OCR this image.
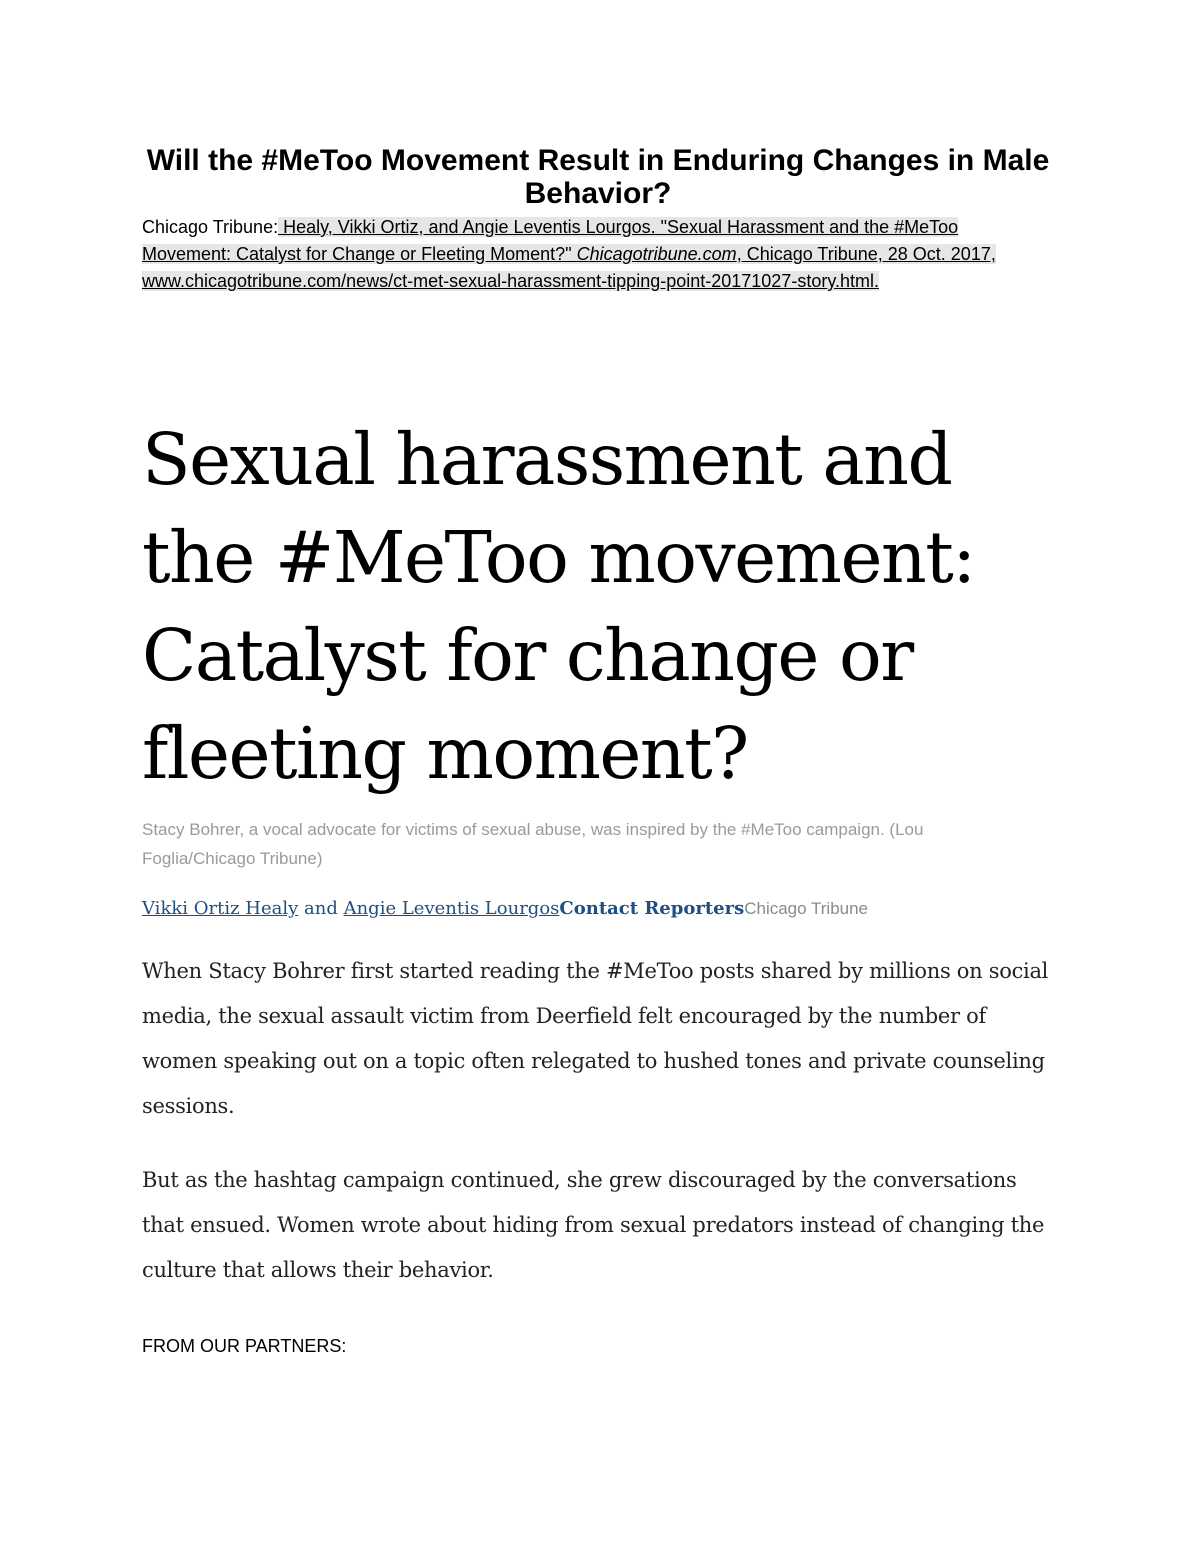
Will the #MeToo Movement Result in Enduring Changes in Male Behavior?
Chicago Tribune: Healy, Vikki Ortiz, and Angie Leventis Lourgos. "Sexual Harassment and the #MeToo Movement: Catalyst for Change or Fleeting Moment?" Chicagotribune.com, Chicago Tribune, 28 Oct. 2017, www.chicagotribune.com/news/ct-met-sexual-harassment-tipping-point-20171027-story.html.
Sexual harassment and the #MeToo movement: Catalyst for change or fleeting moment?
Stacy Bohrer, a vocal advocate for victims of sexual abuse, was inspired by the #MeToo campaign. (Lou Foglia/Chicago Tribune)
Vikki Ortiz Healy and Angie Leventis LourgosContact ReportersChicago Tribune

When Stacy Bohrer first started reading the #MeToo posts shared by millions on social media, the sexual assault victim from Deerfield felt encouraged by the number of women speaking out on a topic often relegated to hushed tones and private counseling sessions.

But as the hashtag campaign continued, she grew discouraged by the conversations that ensued. Women wrote about hiding from sexual predators instead of changing the culture that allows their behavior.

FROM OUR PARTNERS:
